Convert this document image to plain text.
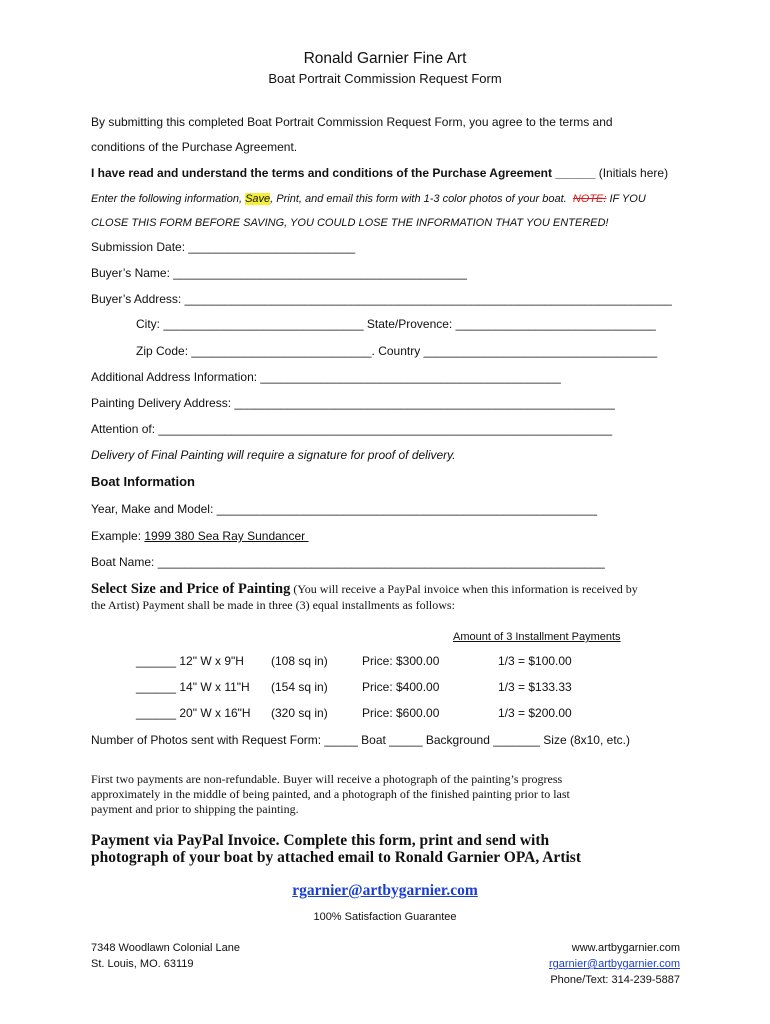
Ronald Garnier Fine Art
Boat Portrait Commission Request Form
By submitting this completed Boat Portrait Commission Request Form, you agree to the terms and
conditions of the Purchase Agreement.
I have read and understand the terms and conditions of the Purchase Agreement ______ (Initials here)
Enter the following information, Save, Print, and email this form with 1-3 color photos of your boat.  NOTE: IF YOU
CLOSE THIS FORM BEFORE SAVING, YOU COULD LOSE THE INFORMATION THAT YOU ENTERED!
Submission Date: _________________________
Buyer’s Name: ____________________________________________
Buyer’s Address: _________________________________________________________________________
City: ______________________________ State/Provence: ______________________________
Zip Code: ___________________________. Country ___________________________________
Additional Address Information: _____________________________________________
Painting Delivery Address: _________________________________________________________
Attention of: ____________________________________________________________________
Delivery of Final Painting will require a signature for proof of delivery.
Boat Information
Year, Make and Model: _________________________________________________________
Example: 1999 380 Sea Ray Sundancer
Boat Name: ___________________________________________________________________
Select Size and Price of Painting (You will receive a PayPal invoice when this information is received by
the Artist) Payment shall be made in three (3) equal installments as follows:
Amount of 3 Installment Payments
______ 12" W x 9"H (108 sq in)	Price: $300.00	1/3 = $100.00
______ 14" W x 11"H (154 sq in)	Price: $400.00	1/3 = $133.33
______ 20" W x 16"H (320 sq in)	Price: $600.00	1/3 = $200.00
Number of Photos sent with Request Form: _____ Boat _____ Background _______ Size (8x10, etc.)
First two payments are non-refundable. Buyer will receive a photograph of the painting’s progress
approximately in the middle of being painted, and a photograph of the finished painting prior to last
payment and prior to shipping the painting.
Payment via PayPal Invoice. Complete this form, print and send with
photograph of your boat by attached email to Ronald Garnier OPA, Artist
rgarnier@artbygarnier.com
100% Satisfaction Guarantee
7348 Woodlawn Colonial Lane
St. Louis, MO. 63119
www.artbygarnier.com
rgarnier@artbygarnier.com
Phone/Text: 314-239-5887
